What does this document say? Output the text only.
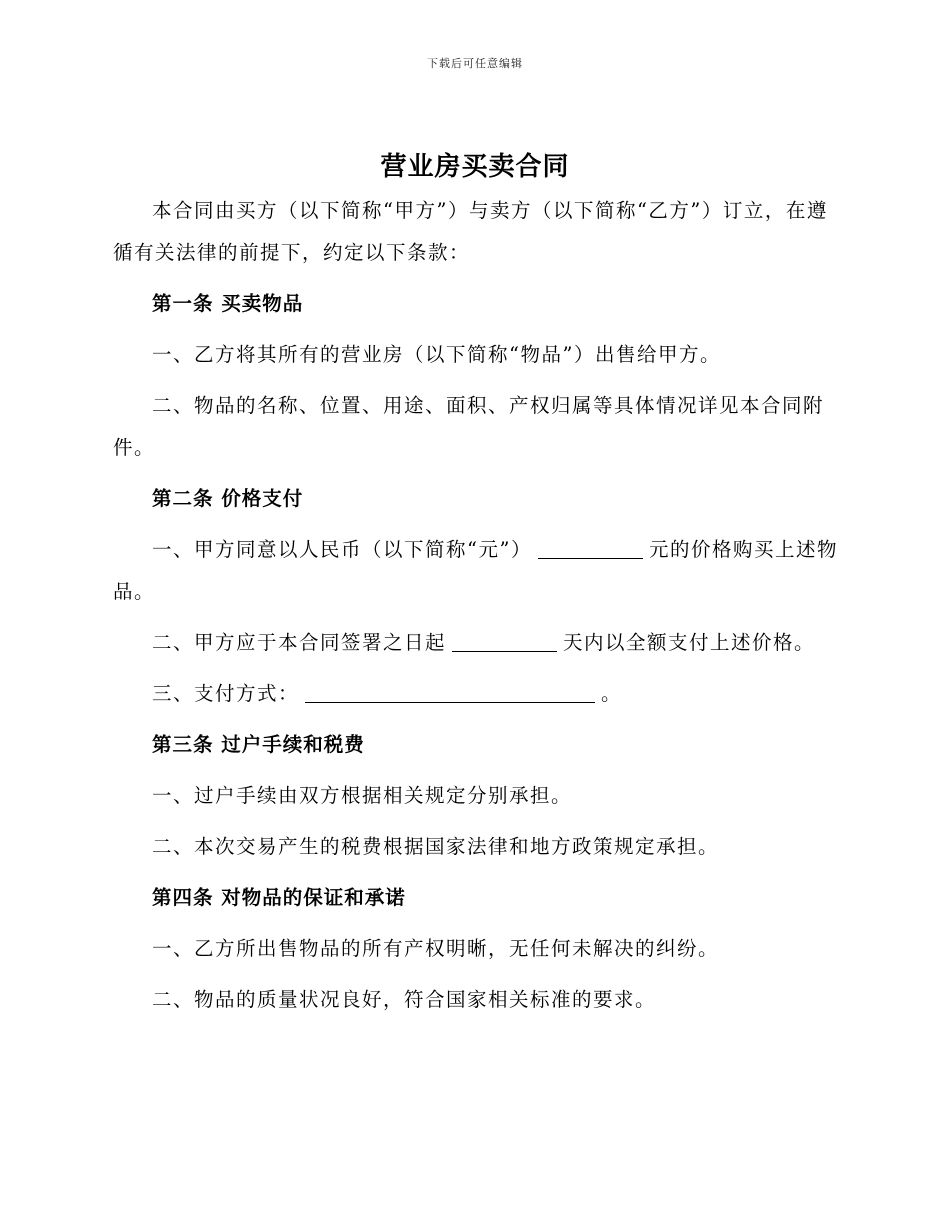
下载后可任意编辑
营业房买卖合同

本合同由买方（以下简称“甲方”）与卖方（以下简称“乙方”）订立，在遵循有关法律的前提下，约定以下条款：

第一条 买卖物品

一、乙方将其所有的营业房（以下简称“物品”）出售给甲方。

二、物品的名称、位置、用途、面积、产权归属等具体情况详见本合同附件。

第二条 价格支付

一、甲方同意以人民币（以下简称“元”）	元的价格购买上述物品。

二、甲方应于本合同签署之日起	天内以全额支付上述价格。

三、支付方式：	。

第三条 过户手续和税费

一、过户手续由双方根据相关规定分别承担。

二、本次交易产生的税费根据国家法律和地方政策规定承担。

第四条 对物品的保证和承诺

一、乙方所出售物品的所有产权明晰，无任何未解决的纠纷。

二、物品的质量状况良好，符合国家相关标准的要求。
